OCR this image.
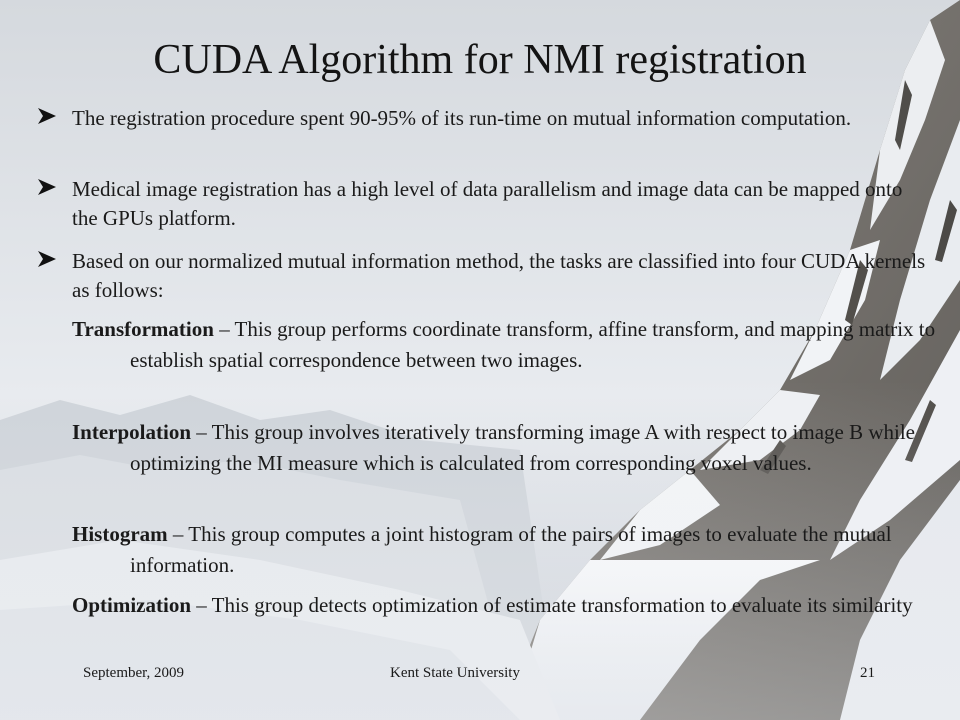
CUDA Algorithm for NMI registration
The registration procedure spent 90-95% of its run-time on mutual information computation.
Medical image registration has a high level of data parallelism and image data can be mapped onto the GPUs platform.
Based on our normalized mutual information method, the tasks are classified into four CUDA kernels as follows:
Transformation – This group performs coordinate transform, affine transform, and mapping matrix to establish spatial correspondence between two images.
Interpolation – This group involves iteratively transforming image A with respect to image B while optimizing the MI measure which is calculated from corresponding voxel values.
Histogram – This group computes a joint histogram of the pairs of images to evaluate the mutual information.
Optimization – This group detects optimization of estimate transformation to evaluate its similarity
September, 2009	Kent State University	21
